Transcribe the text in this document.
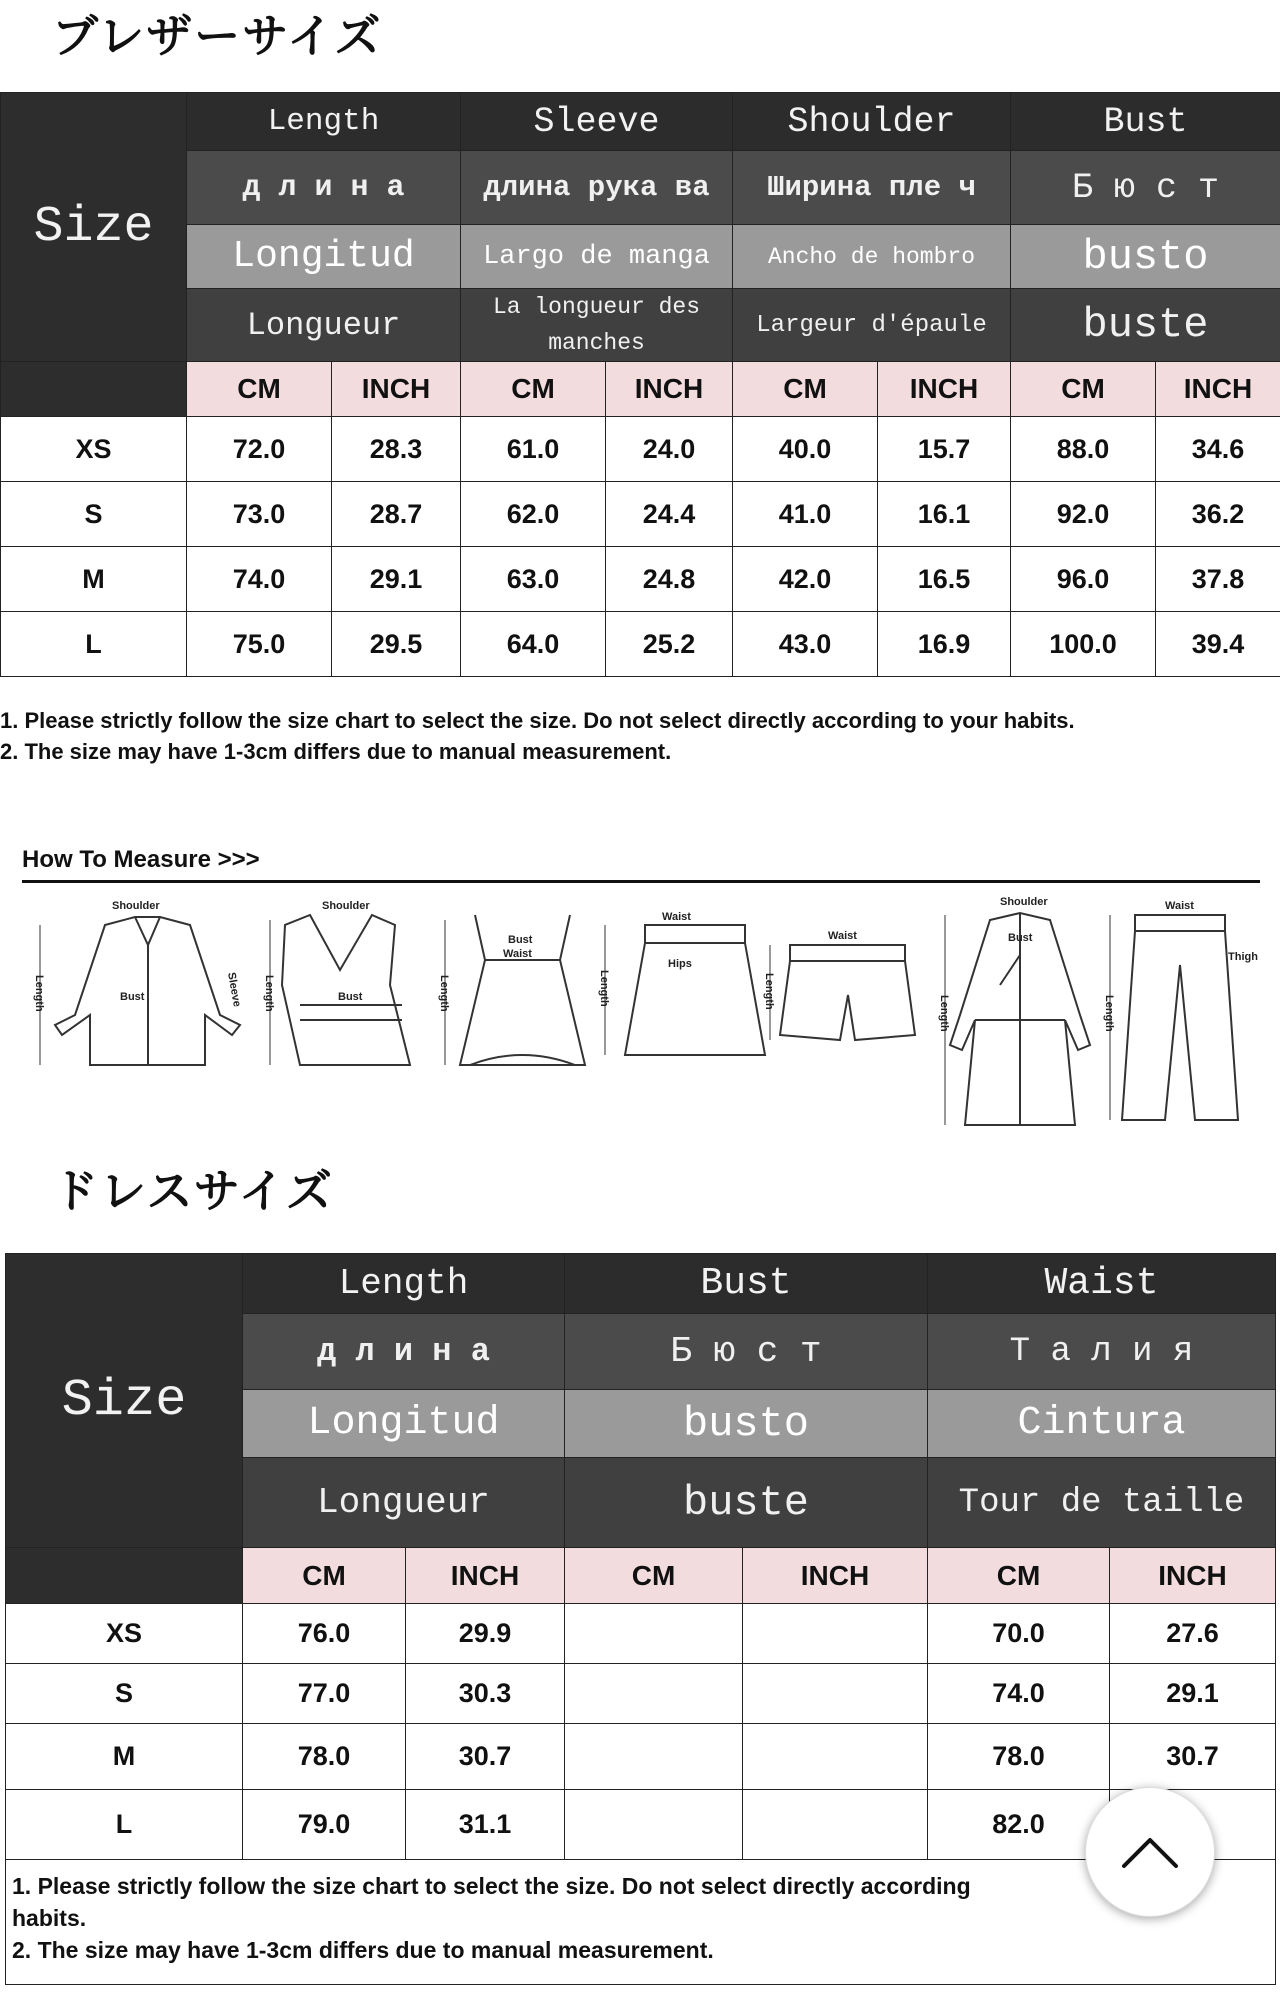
ブレザーサイズ
Size	Length		Sleeve		Shoulder		Bust	
	д л и н а		длина рука ва		Ширина пле ч		Б ю с т	
	Longitud		Largo de manga		Ancho de hombro		busto	
	Longueur		La longueur des manches		Largeur d'épaule		buste	
	CM	INCH	CM	INCH	CM	INCH	CM	INCH
XS	72.0	28.3	61.0	24.0	40.0	15.7	88.0	34.6
S	73.0	28.7	62.0	24.4	41.0	16.1	92.0	36.2
M	74.0	29.1	63.0	24.8	42.0	16.5	96.0	37.8
L	75.0	29.5	64.0	25.2	43.0	16.9	100.0	39.4

1. Please strictly follow the size chart to select the size. Do not select directly according to your habits.

2. The size may have 1-3cm differs due to manual measurement.

How To Measure >>>

Shoulder
Bust	Sleeve
Length
Shoulder
Bust
Length
Bust
Waist
Length
Waist
Hips
Length
Waist
Length
Shoulder
Bust
Length
Waist
Thigh
Length
ドレスサイズ
Size	Length		Bust		Waist	
	д л и н а		Б ю с т		Т а л и я	
	Longitud		busto		Cintura	
	Longueur		buste		Tour de taille	
	CM	INCH	CM	INCH	CM	INCH
XS	76.0	29.9			70.0	27.6
S	77.0	30.3			74.0	29.1
M	78.0	30.7			78.0	30.7
L	79.0	31.1			82.0	

1. Please strictly follow the size chart to select the size. Do not select directly according
habits.
2. The size may have 1-3cm differs due to manual measurement.						
